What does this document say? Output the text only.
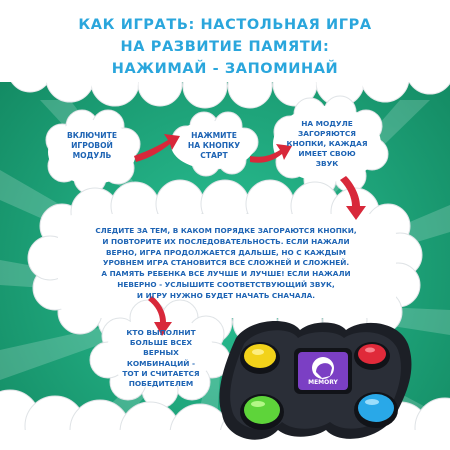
MEMORY
КАК ИГРАТЬ: НАСТОЛЬНАЯ ИГРА
НА РАЗВИТИЕ ПАМЯТИ:
НАЖИМАЙ - ЗАПОМИНАЙ
ВКЛЮЧИТЕ
ИГРОВОЙ
МОДУЛЬ
НАЖМИТЕ
НА КНОПКУ
СТАРТ
НА МОДУЛЕ
ЗАГОРЯЮТСЯ
КНОПКИ, КАЖДАЯ
ИМЕЕТ СВОЮ
ЗВУК
СЛЕДИТЕ ЗА ТЕМ, В КАКОМ ПОРЯДКЕ ЗАГОРАЮТСЯ КНОПКИ,
И ПОВТОРИТЕ ИХ ПОСЛЕДОВАТЕЛЬНОСТЬ. ЕСЛИ НАЖАЛИ
ВЕРНО, ИГРА ПРОДОЛЖАЕТСЯ ДАЛЬШЕ, НО С КАЖДЫМ
УРОВНЕМ ИГРА СТАНОВИТСЯ ВСЕ СЛОЖНЕЙ И СЛОЖНЕЙ.
А ПАМЯТЬ РЕБЕНКА ВСЕ ЛУЧШЕ И ЛУЧШЕ! ЕСЛИ НАЖАЛИ
НЕВЕРНО - УСЛЫШИТЕ СООТВЕТСТВУЮЩИЙ ЗВУК,
И ИГРУ НУЖНО БУДЕТ НАЧАТЬ СНАЧАЛА.
КТО ВЫПОЛНИТ
БОЛЬШЕ ВСЕХ
ВЕРНЫХ КОМБИНАЦИЙ -
ТОТ И СЧИТАЕТСЯ
ПОБЕДИТЕЛЕМ
